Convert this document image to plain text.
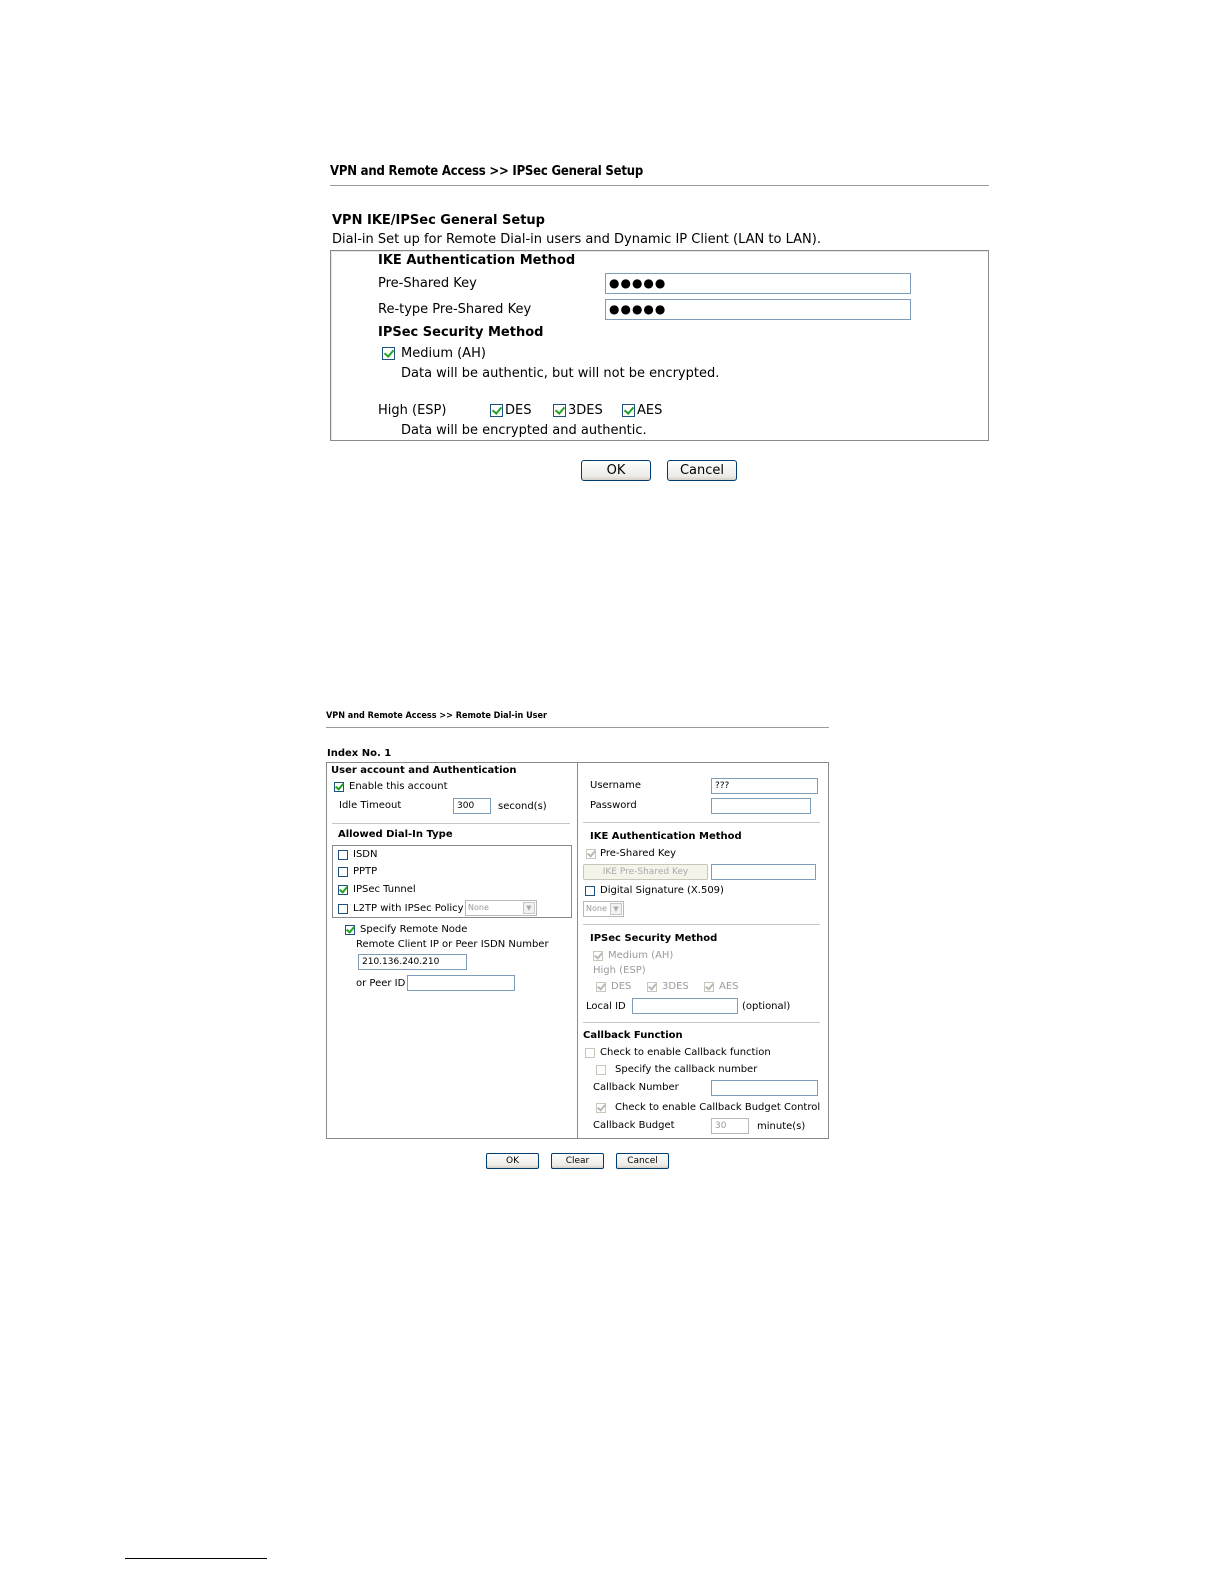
VPN and Remote Access >> IPSec General Setup
VPN IKE/IPSec General Setup
Dial-in Set up for Remote Dial-in users and Dynamic IP Client (LAN to LAN).
IKE Authentication Method
Pre-Shared Key	●●●●●
Re-type Pre-Shared Key	●●●●●
IPSec Security Method
Medium (AH)
Data will be authentic, but will not be encrypted.
High (ESP)	DES	3DES	AES
Data will be encrypted and authentic.
OK	Cancel
VPN and Remote Access >> Remote Dial-in User
Index No. 1
User account and Authentication
Enable this account
Idle Timeout	300	second(s)
Allowed Dial-In Type
ISDN
PPTP
IPSec Tunnel
L2TP with IPSec Policy None	▼
Specify Remote Node
Remote Client IP or Peer ISDN Number
210.136.240.210
or Peer ID
Username	???
Password
IKE Authentication Method
Pre-Shared Key
IKE Pre-Shared Key
Digital Signature (X.509)
None ▼
IPSec Security Method
Medium (AH)
High (ESP)
DES	3DES	AES
Local ID	(optional)
Callback Function
Check to enable Callback function
Specify the callback number
Callback Number
Check to enable Callback Budget Control
Callback Budget	30	minute(s)
OK	Clear	Cancel
